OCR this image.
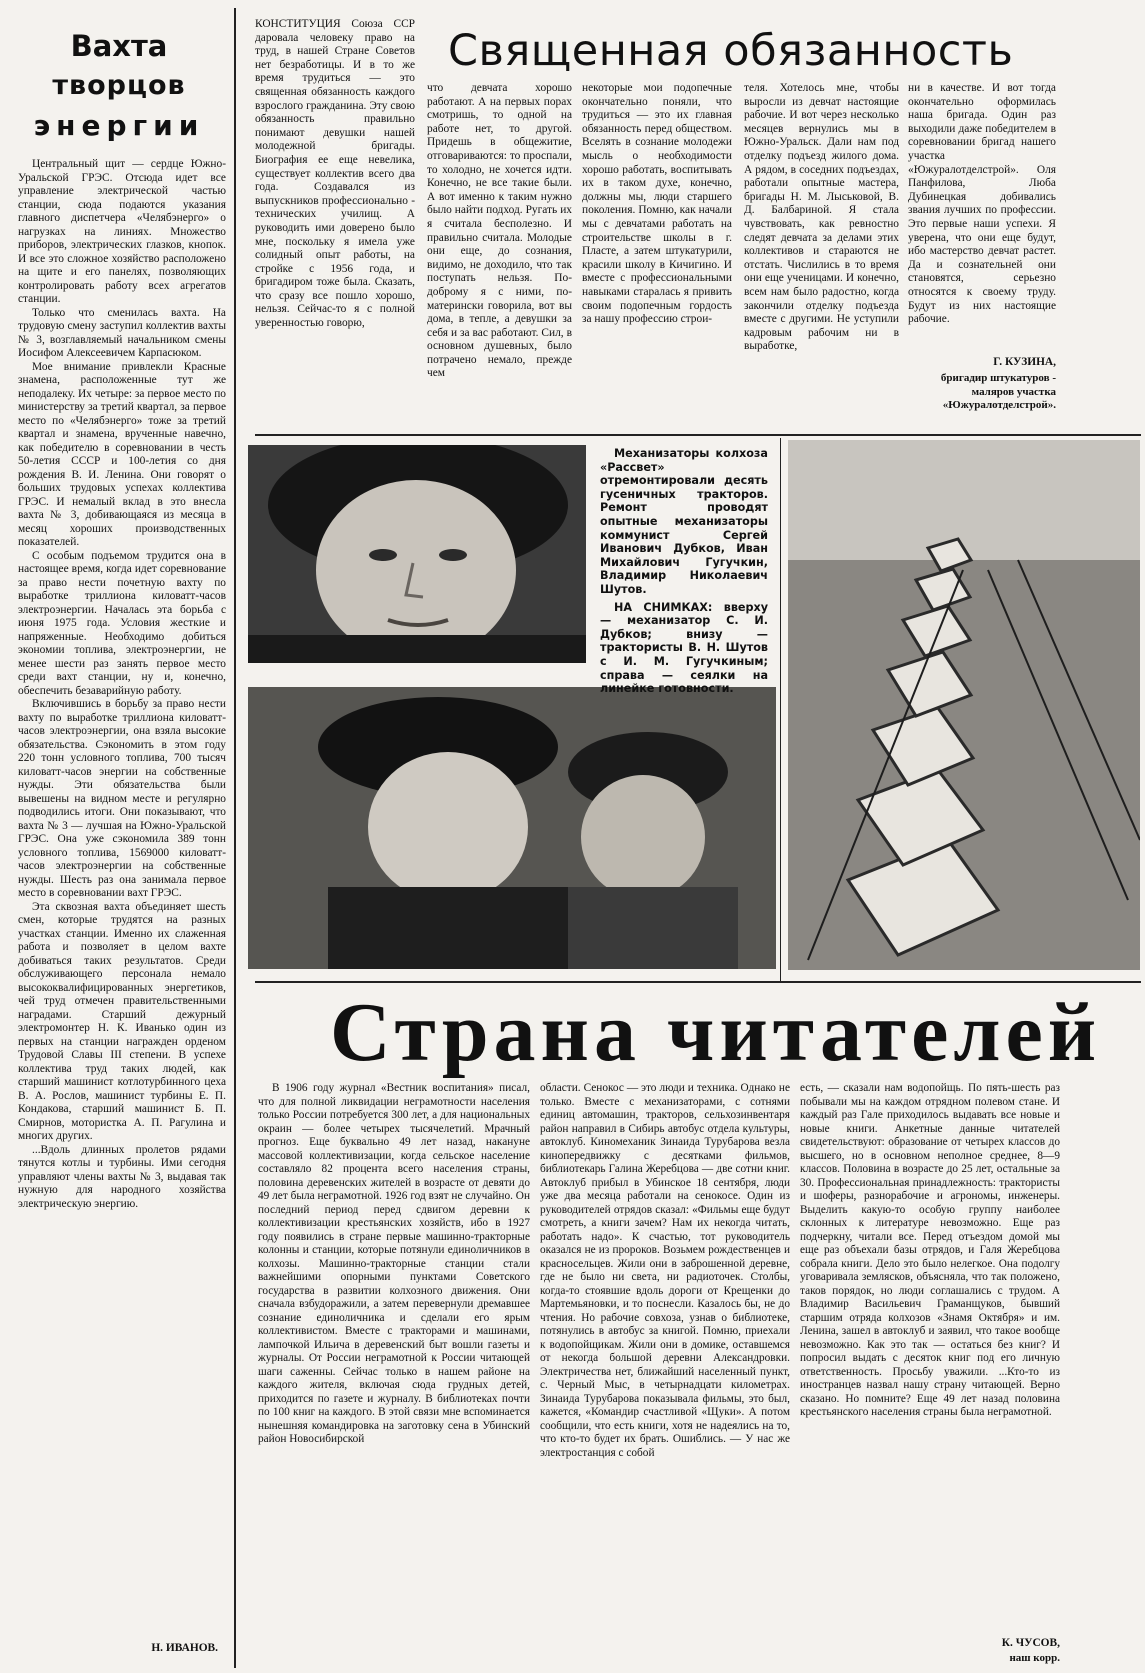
Вахта
творцов
энергии

Центральный щит — сердце Южно-Уральской ГРЭС. Отсюда идет все управление электрической частью станции, сюда подаются указания главного диспетчера «Челябэнерго» о нагрузках на линиях. Множество приборов, электрических глазков, кнопок. И все это сложное хозяйство расположено на щите и его панелях, позволяющих контролировать работу всех агрегатов станции.

Только что сменилась вахта. На трудовую смену заступил коллектив вахты № 3, возглавляемый начальником смены Иосифом Алексеевичем Карпасюком.

Мое внимание привлекли Красные знамена, расположенные тут же неподалеку. Их четыре: за первое место по министерству за третий квартал, за первое место по «Челябэнерго» тоже за третий квартал и знамена, врученные навечно, как победителю в соревновании в честь 50-летия СССР и 100-летия со дня рождения В. И. Ленина. Они говорят о больших трудовых успехах коллектива ГРЭС. И немалый вклад в это внесла вахта № 3, добивающаяся из месяца в месяц хороших производственных показателей.

С особым подъемом трудится она в настоящее время, когда идет соревнование за право нести почетную вахту по выработке триллиона киловатт-часов электроэнергии. Началась эта борьба с июня 1975 года. Условия жесткие и напряженные. Необходимо добиться экономии топлива, электроэнергии, не менее шести раз занять первое место среди вахт станции, ну и, конечно, обеспечить безаварийную работу.

Включившись в борьбу за право нести вахту по выработке триллиона киловатт-часов электроэнергии, она взяла высокие обязательства. Сэкономить в этом году 220 тонн условного топлива, 700 тысяч киловатт-часов энергии на собственные нужды. Эти обязательства были вывешены на видном месте и регулярно подводились итоги. Они показывают, что вахта № 3 — лучшая на Южно-Уральской ГРЭС. Она уже сэкономила 389 тонн условного топлива, 1569000 киловатт-часов электроэнергии на собственные нужды. Шесть раз она занимала первое место в соревновании вахт ГРЭС.

Эта сквозная вахта объединяет шесть смен, которые трудятся на разных участках станции. Именно их слаженная работа и позволяет в целом вахте добиваться таких результатов. Среди обслуживающего персонала немало высококвалифицированных энергетиков, чей труд отмечен правительственными наградами. Старший дежурный электромонтер Н. К. Иванько один из первых на станции награжден орденом Трудовой Славы III степени. В успехе коллектива труд таких людей, как старший машинист котлотурбинного цеха В. А. Рослов, машинист турбины Е. П. Кондакова, старший машинист Б. П. Смирнов, мотористка А. П. Рагулина и многих других.

...Вдоль длинных пролетов рядами тянутся котлы и турбины. Ими сегодня управляют члены вахты № 3, выдавая так нужную для народного хозяйства электрическую энергию.

Н. ИВАНОВ.
Священная обязанность

КОНСТИТУЦИЯ Союза ССР даровала человеку право на труд, в нашей Стране Советов нет безработицы. И в то же время трудиться — это священная обязанность каждого взрослого гражданина. Эту свою обязанность правильно понимают девушки нашей молодежной бригады. Биография ее еще невелика, существует коллектив всего два года. Создавался из выпускников профессионально - технических училищ. А руководить ими доверено было мне, поскольку я имела уже солидный опыт работы, на стройке с 1956 года, и бригадиром тоже была. Сказать, что сразу все пошло хорошо, нельзя. Сейчас-то я с полной уверенностью говорю,

что девчата хорошо работают. А на первых порах смотришь, то одной на работе нет, то другой. Придешь в общежитие, отговариваются: то проспали, то холодно, не хочется идти. Конечно, не все такие были. А вот именно к таким нужно было найти подход. Ругать их я считала бесполезно. И правильно считала. Молодые они еще, до сознания, видимо, не доходило, что так поступать нельзя. По-доброму я с ними, по-матерински говорила, вот вы дома, в тепле, а девушки за себя и за вас работают. Сил, в основном душевных, было потрачено немало, прежде чем

некоторые мои подопечные окончательно поняли, что трудиться — это их главная обязанность перед обществом. Вселять в сознание молодежи мысль о необходимости хорошо работать, воспитывать их в таком духе, конечно, должны мы, люди старшего поколения. Помню, как начали мы с девчатами работать на строительстве школы в г. Пласте, а затем штукатурили, красили школу в Кичигино. И вместе с профессиональными навыками старалась я привить своим подопечным гордость за нашу профессию строи-

теля. Хотелось мне, чтобы выросли из девчат настоящие рабочие. И вот через несколько месяцев вернулись мы в Южно-Уральск. Дали нам под отделку подъезд жилого дома. А рядом, в соседних подъездах, работали опытные мастера, бригады Н. М. Лыськовой, В. Д. Балбариной. Я стала чувствовать, как ревностно следят девчата за делами этих коллективов и стараются не отстать. Числились в то время они еще ученицами. И конечно, всем нам было радостно, когда закончили отделку подъезда вместе с другими. Не уступили кадровым рабочим ни в выработке,

ни в качестве. И вот тогда окончательно оформилась наша бригада. Один раз выходили даже победителем в соревновании бригад нашего участка «Южуралотделстрой». Оля Панфилова, Люба Дубинецкая добивались звания лучших по профессии. Это первые наши успехи. Я уверена, что они еще будут, ибо мастерство девчат растет. Да и сознательней они становятся, серьезно относятся к своему труду. Будут из них настоящие рабочие.

Г. КУЗИНА,
бригадир штукатуров - маляров участка «Южуралотделстрой».

Механизаторы колхоза «Рассвет» отремонтировали десять гусеничных тракторов. Ремонт проводят опытные механизаторы коммунист Сергей Иванович Дубков, Иван Михайлович Гугучкин, Владимир Николаевич Шутов.

НА СНИМКАХ: вверху — механизатор С. И. Дубков; внизу — трактористы В. Н. Шутов с И. М. Гугучкиным; справа — сеялки на линейке готовности.

Страна читателей

В 1906 году журнал «Вестник воспитания» писал, что для полной ликвидации неграмотности населения только России потребуется 300 лет, а для национальных окраин — более четырех тысячелетий. Мрачный прогноз. Еще буквально 49 лет назад, накануне массовой коллективизации, когда сельское население составляло 82 процента всего населения страны, половина деревенских жителей в возрасте от девяти до 49 лет была неграмотной. 1926 год взят не случайно. Он последний период перед сдвигом деревни к коллективизации крестьянских хозяйств, ибо в 1927 году появились в стране первые машинно-тракторные колонны и станции, которые потянули единоличников в колхозы. Машинно-тракторные станции стали важнейшими опорными пунктами Советского государства в развитии колхозного движения. Они сначала взбудоражили, а затем перевернули дремавшее сознание единоличника и сделали его ярым коллективистом. Вместе с тракторами и машинами, лампочкой Ильича в деревенский быт вошли газеты и журналы. От России неграмотной к России читающей шаги саженны. Сейчас только в нашем районе на каждого жителя, включая сюда грудных детей, приходится по газете и журналу. В библиотеках почти по 100 книг на каждого. В этой связи мне вспоминается нынешняя командировка на заготовку сена в Убинский район Новосибирской

области. Сенокос — это люди и техника. Однако не только. Вместе с механизаторами, с сотнями единиц автомашин, тракторов, сельхозинвентаря район направил в Сибирь автобус отдела культуры, автоклуб. Киномеханик Зинаида Турубарова везла кинопередвижку с десятками фильмов, библиотекарь Галина Жеребцова — две сотни книг. Автоклуб прибыл в Убинское 18 сентября, люди уже два месяца работали на сенокосе. Один из руководителей отрядов сказал: «Фильмы еще будут смотреть, а книги зачем? Нам их некогда читать, работать надо». К счастью, тот руководитель оказался не из пророков. Возьмем рождественцев и красносельцев. Жили они в заброшенной деревне, где не было ни света, ни радиоточек. Столбы, когда-то стоявшие вдоль дороги от Крещенки до Мартемьяновки, и то поснесли. Казалось бы, не до чтения. Но рабочие совхоза, узнав о библиотеке, потянулись в автобус за книгой. Помню, приехали к водопойщикам. Жили они в домике, оставшемся от некогда большой деревни Александровки. Электричества нет, ближайший населенный пункт, с. Черный Мыс, в четырнадцати километрах. Зинаида Турубарова показывала фильмы, это был, кажется, «Командир счастливой «Щуки». А потом сообщили, что есть книги, хотя не надеялись на то, что кто-то будет их брать. Ошиблись. — У нас же электростанция с собой

есть, — сказали нам водопойщь. По пять-шесть раз побывали мы на каждом отрядном полевом стане. И каждый раз Гале приходилось выдавать все новые и новые книги. Анкетные данные читателей свидетельствуют: образование от четырех классов до высшего, но в основном неполное среднее, 8—9 классов. Половина в возрасте до 25 лет, остальные за 30. Профессиональная принадлежность: трактористы и шоферы, разнорабочие и агрономы, инженеры. Выделить какую-то особую группу наиболее склонных к литературе невозможно. Еще раз подчеркну, читали все. Перед отъездом домой мы еще раз объехали базы отрядов, и Галя Жеребцова собрала книги. Дело это было нелегкое. Она подолгу уговаривала землясков, объясняла, что так положено, таков порядок, но люди соглашались с трудом. А Владимир Васильевич Граманщуков, бывший старшим отряда колхозов «Знамя Октября» и им. Ленина, зашел в автоклуб и заявил, что такое вообще невозможно. Как это так — остаться без книг? И попросил выдать с десяток книг под его личную ответственность. Просьбу уважили. ...Кто-то из иностранцев назвал нашу страну читающей. Верно сказано. Но помните? Еще 49 лет назад половина крестьянского населения страны была неграмотной.

К. ЧУСОВ,
наш корр.
